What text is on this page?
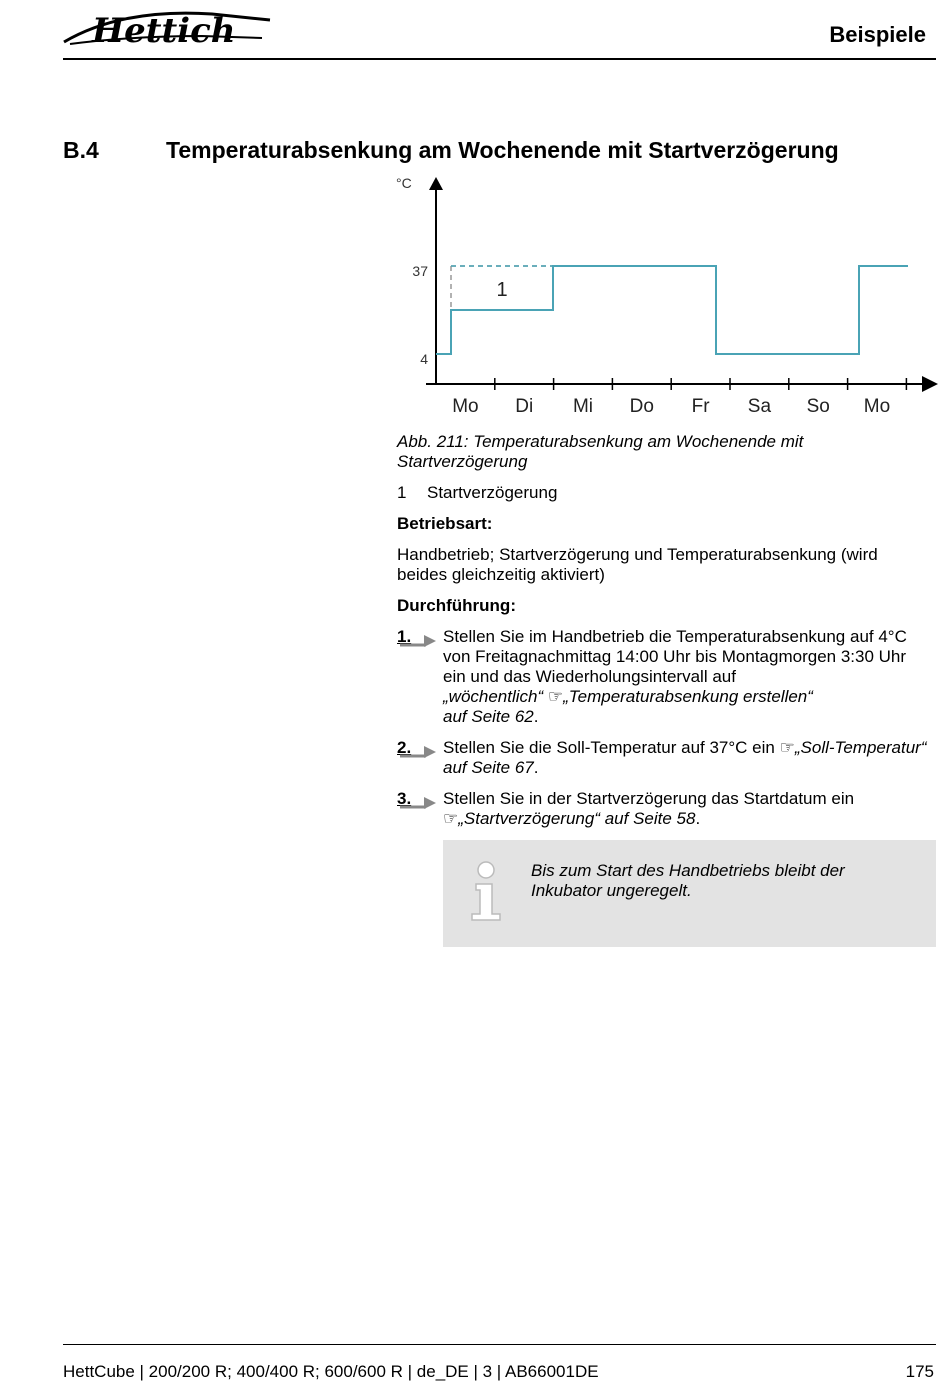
Hettich	Beispiele
B.4	Temperaturabsenkung am Wochenende mit Startverzögerung
°C
Mo Di Mi Do Fr Sa So Mo
4
37
1
Abb. 211: Temperaturabsenkung am Wochenende mit Startverzögerung
1 Startverzögerung
Betriebsart:
Handbetrieb; Startverzögerung und Temperaturabsenkung (wird beides gleichzeitig aktiviert)
Durchführung:
1. Stellen Sie im Handbetrieb die Temperaturabsenkung auf 4°C von Freitagnachmittag 14:00 Uhr bis Montagmorgen 3:30 Uhr ein und das Wiederholungsintervall auf
„wöchentlich“ ☞„Temperaturabsenkung erstellen“
auf Seite 62.
2. Stellen Sie die Soll-Temperatur auf 37°C ein ☞„Soll-Temperatur“ auf Seite 67.
3. Stellen Sie in der Startverzögerung das Startdatum ein
☞„Startverzögerung“ auf Seite 58.
Bis zum Start des Handbetriebs bleibt der Inkubator ungeregelt.
HettCube | 200/200 R; 400/400 R; 600/600 R | de_DE | 3 | AB66001DE	175
